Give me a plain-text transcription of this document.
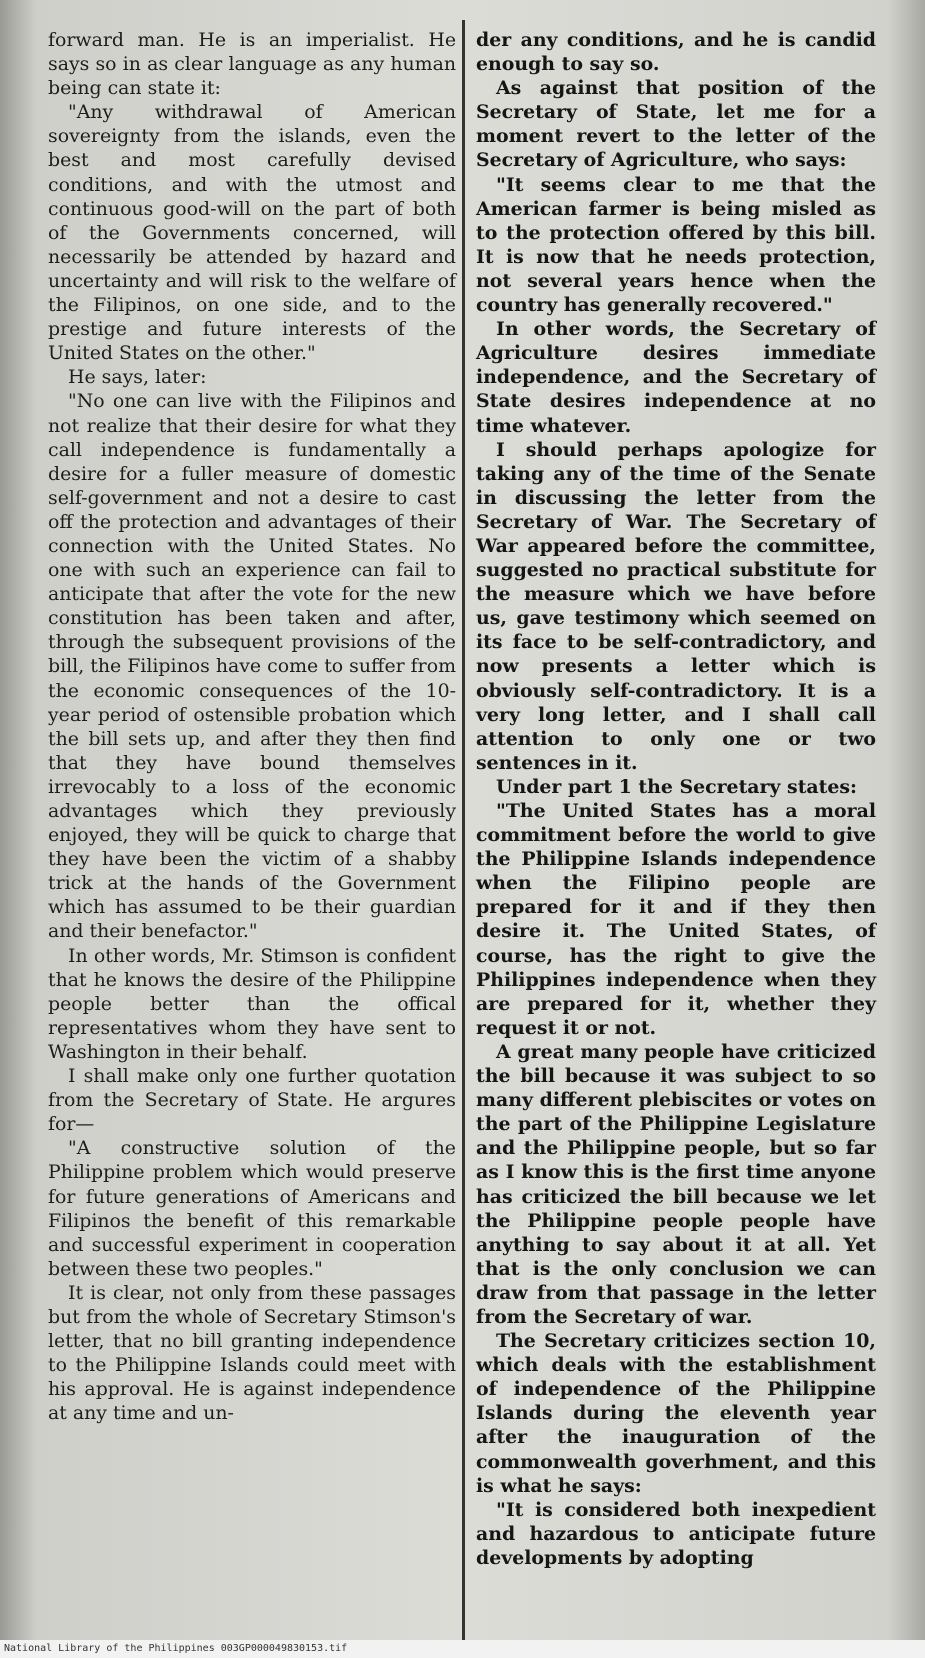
forward man. He is an imperialist. He says so in as clear language as any human being can state it:

"Any withdrawal of American sovereignty from the islands, even the best and most carefully devised conditions, and with the utmost and continuous good-will on the part of both of the Governments concerned, will necessarily be attended by hazard and uncertainty and will risk to the welfare of the Filipinos, on one side, and to the prestige and future interests of the United States on the other."

He says, later:

"No one can live with the Filipinos and not realize that their desire for what they call independence is fundamentally a desire for a fuller measure of domestic self-government and not a desire to cast off the protection and advantages of their connection with the United States. No one with such an experience can fail to anticipate that after the vote for the new constitution has been taken and after, through the subsequent provisions of the bill, the Filipinos have come to suffer from the economic consequences of the 10-year period of ostensible probation which the bill sets up, and after they then find that they have bound themselves irrevocably to a loss of the economic advantages which they previously enjoyed, they will be quick to charge that they have been the victim of a shabby trick at the hands of the Government which has assumed to be their guardian and their benefactor."

In other words, Mr. Stimson is confident that he knows the desire of the Philippine people better than the offical representatives whom they have sent to Washington in their behalf.

I shall make only one further quotation from the Secretary of State. He argures for—

"A constructive solution of the Philippine problem which would preserve for future generations of Americans and Filipinos the benefit of this remarkable and successful experiment in cooperation between these two peoples."

It is clear, not only from these passages but from the whole of Secretary Stimson's letter, that no bill granting independence to the Philippine Islands could meet with his approval. He is against independence at any time and un-

der any conditions, and he is candid enough to say so.

As against that position of the Secretary of State, let me for a moment revert to the letter of the Secretary of Agriculture, who says:

"It seems clear to me that the American farmer is being misled as to the protection offered by this bill. It is now that he needs protection, not several years hence when the country has generally recovered."

In other words, the Secretary of Agriculture desires immediate independence, and the Secretary of State desires independence at no time whatever.

I should perhaps apologize for taking any of the time of the Senate in discussing the letter from the Secretary of War. The Secretary of War appeared before the committee, suggested no practical substitute for the measure which we have before us, gave testimony which seemed on its face to be self-contradictory, and now presents a letter which is obviously self-contradictory. It is a very long letter, and I shall call attention to only one or two sentences in it.

Under part 1 the Secretary states:

"The United States has a moral commitment before the world to give the Philippine Islands independence when the Filipino people are prepared for it and if they then desire it. The United States, of course, has the right to give the Philippines independence when they are prepared for it, whether they request it or not.

A great many people have criticized the bill because it was subject to so many different plebiscites or votes on the part of the Philippine Legislature and the Philippine people, but so far as I know this is the first time anyone has criticized the bill because we let the Philippine people people have anything to say about it at all. Yet that is the only conclusion we can draw from that passage in the letter from the Secretary of war.

The Secretary criticizes section 10, which deals with the establishment of independence of the Philippine Islands during the eleventh year after the inauguration of the commonwealth goverhment, and this is what he says:

"It is considered both inexpedient and hazardous to anticipate future developments by adopting

National Library of the Philippines 003GP000049830153.tif
